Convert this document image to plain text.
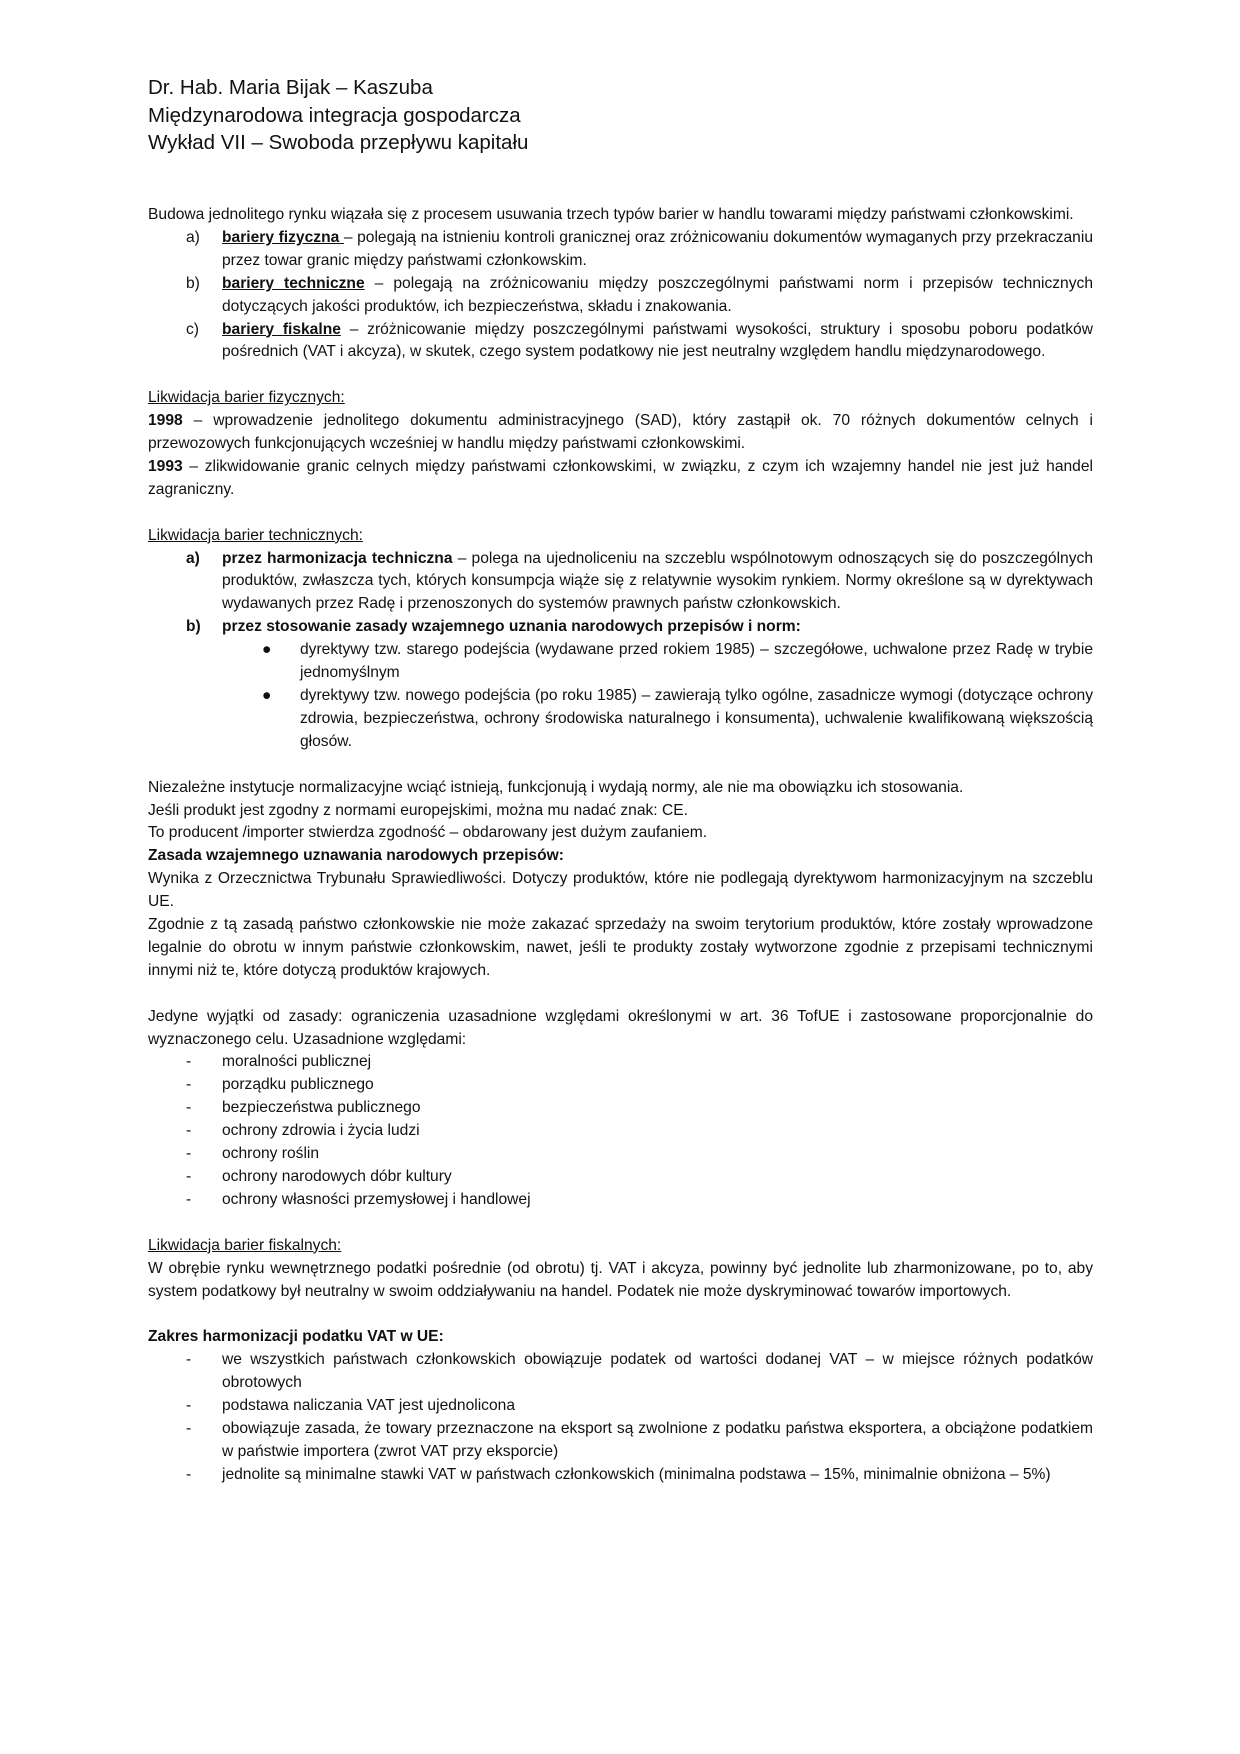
Dr. Hab. Maria Bijak – Kaszuba
Międzynarodowa integracja gospodarcza
Wykład VII – Swoboda przepływu kapitału

Budowa jednolitego rynku wiązała się z procesem usuwania trzech typów barier w handlu towarami między państwami członkowskimi.

a)	bariery fizyczna – polegają na istnieniu kontroli granicznej oraz zróżnicowaniu dokumentów wymaganych przy przekraczaniu przez towar granic między państwami członkowskim.
b)	bariery techniczne – polegają na zróżnicowaniu między poszczególnymi państwami norm i przepisów technicznych dotyczących jakości produktów, ich bezpieczeństwa, składu i znakowania.
c)	bariery fiskalne – zróżnicowanie między poszczególnymi państwami wysokości, struktury i sposobu poboru podatków pośrednich (VAT i akcyza), w skutek, czego system podatkowy nie jest neutralny względem handlu międzynarodowego.

Likwidacja barier fizycznych:

1998 – wprowadzenie jednolitego dokumentu administracyjnego (SAD), który zastąpił ok. 70 różnych dokumentów celnych i przewozowych funkcjonujących wcześniej w handlu między państwami członkowskimi.

1993 – zlikwidowanie granic celnych między państwami członkowskimi, w związku, z czym ich wzajemny handel nie jest już handel zagraniczny.

Likwidacja barier technicznych:

a)	przez harmonizacja techniczna – polega na ujednoliceniu na szczeblu wspólnotowym odnoszących się do poszczególnych produktów, zwłaszcza tych, których konsumpcja wiąże się z relatywnie wysokim rynkiem. Normy określone są w dyrektywach wydawanych przez Radę i przenoszonych do systemów prawnych państw członkowskich.
b)	przez stosowanie zasady wzajemnego uznania narodowych przepisów i norm:
●	dyrektywy tzw. starego podejścia (wydawane przed rokiem 1985) – szczegółowe, uchwalone przez Radę w trybie jednomyślnym
●	dyrektywy tzw. nowego podejścia (po roku 1985) – zawierają tylko ogólne, zasadnicze wymogi (dotyczące ochrony zdrowia, bezpieczeństwa, ochrony środowiska naturalnego i konsumenta), uchwalenie kwalifikowaną większością głosów.

Niezależne instytucje normalizacyjne wciąć istnieją, funkcjonują i wydają normy, ale nie ma obowiązku ich stosowania.

Jeśli produkt jest zgodny z normami europejskimi, można mu nadać znak: CE.

To producent /importer stwierdza zgodność – obdarowany jest dużym zaufaniem.

Zasada wzajemnego uznawania narodowych przepisów:

Wynika z Orzecznictwa Trybunału Sprawiedliwości. Dotyczy produktów, które nie podlegają dyrektywom harmonizacyjnym na szczeblu UE.

Zgodnie z tą zasadą państwo członkowskie nie może zakazać sprzedaży na swoim terytorium produktów, które zostały wprowadzone legalnie do obrotu w innym państwie członkowskim, nawet, jeśli te produkty zostały wytworzone zgodnie z przepisami technicznymi innymi niż te, które dotyczą produktów krajowych.

Jedyne wyjątki od zasady: ograniczenia uzasadnione względami określonymi w art. 36 TofUE i zastosowane proporcjonalnie do wyznaczonego celu. Uzasadnione względami:

-	moralności publicznej
-	porządku publicznego
-	bezpieczeństwa publicznego
-	ochrony zdrowia i życia ludzi
-	ochrony roślin
-	ochrony narodowych dóbr kultury
-	ochrony własności przemysłowej i handlowej

Likwidacja barier fiskalnych:

W obrębie rynku wewnętrznego podatki pośrednie (od obrotu) tj. VAT i akcyza, powinny być jednolite lub zharmonizowane, po to, aby system podatkowy był neutralny w swoim oddziaływaniu na handel. Podatek nie może dyskryminować towarów importowych.

Zakres harmonizacji podatku VAT w UE:

-	we wszystkich państwach członkowskich obowiązuje podatek od wartości dodanej VAT – w miejsce różnych podatków obrotowych
-	podstawa naliczania VAT jest ujednolicona
-	obowiązuje zasada, że towary przeznaczone na eksport są zwolnione z podatku państwa eksportera, a obciążone podatkiem w państwie importera (zwrot VAT przy eksporcie)
-	jednolite są minimalne stawki VAT w państwach członkowskich (minimalna podstawa – 15%, minimalnie obniżona – 5%)
